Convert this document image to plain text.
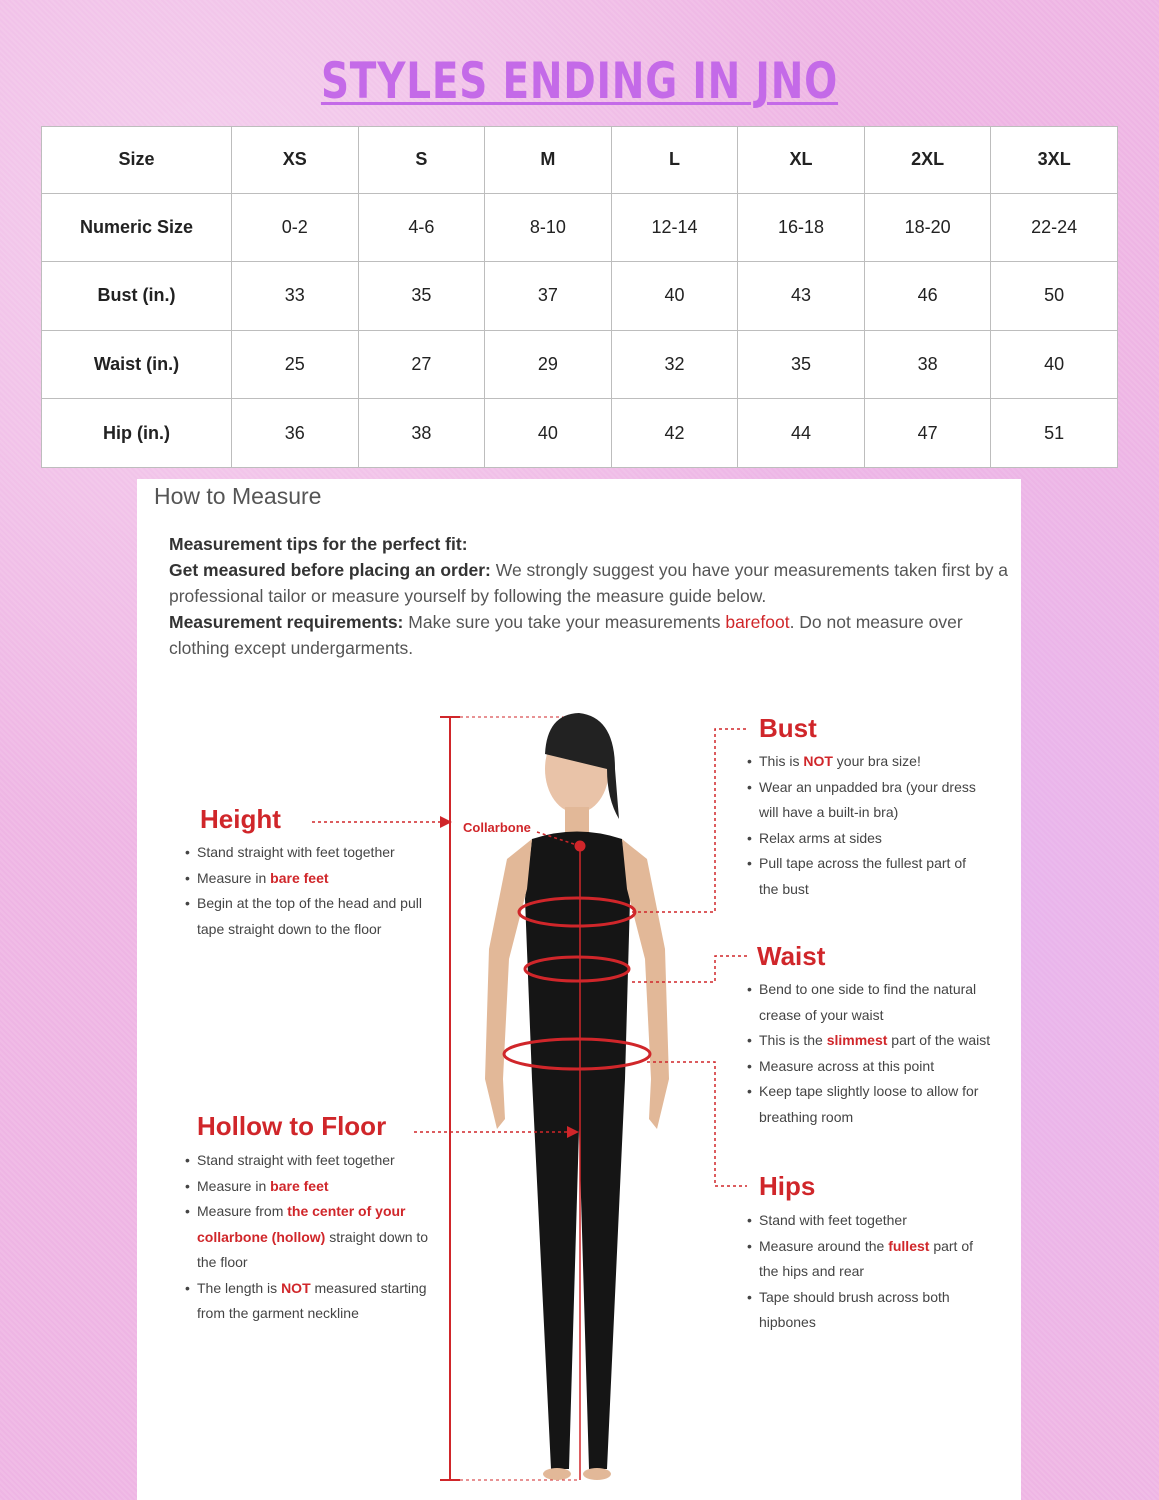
STYLES ENDING IN JNO
Size	XS	S	M	L	XL	2XL	3XL
Numeric Size	0-2	4-6	8-10	12-14	16-18	18-20	22-24
Bust (in.)	33	35	37	40	43	46	50
Waist (in.)	25	27	29	32	35	38	40
Hip (in.)	36	38	40	42	44	47	51
How to Measure
Measurement tips for the perfect fit:
Get measured before placing an order: We strongly suggest you have your measurements taken first by a professional tailor or measure yourself by following the measure guide below.
Measurement requirements: Make sure you take your measurements barefoot. Do not measure over clothing except undergarments.
Collarbone
Height
• Stand straight with feet together
• Measure in bare feet
• Begin at the top of the head and pull tape straight down to the floor
Hollow to Floor
• Stand straight with feet together
• Measure in bare feet
• Measure from the center of your collarbone (hollow) straight down to the floor
• The length is NOT measured starting from the garment neckline
Bust
• This is NOT your bra size!
• Wear an unpadded bra (your dress will have a built-in bra)
• Relax arms at sides
• Pull tape across the fullest part of the bust
Waist
• Bend to one side to find the natural crease of your waist
• This is the slimmest part of the waist
• Measure across at this point
• Keep tape slightly loose to allow for breathing room
Hips
• Stand with feet together
• Measure around the fullest part of the hips and rear
• Tape should brush across both hipbones
